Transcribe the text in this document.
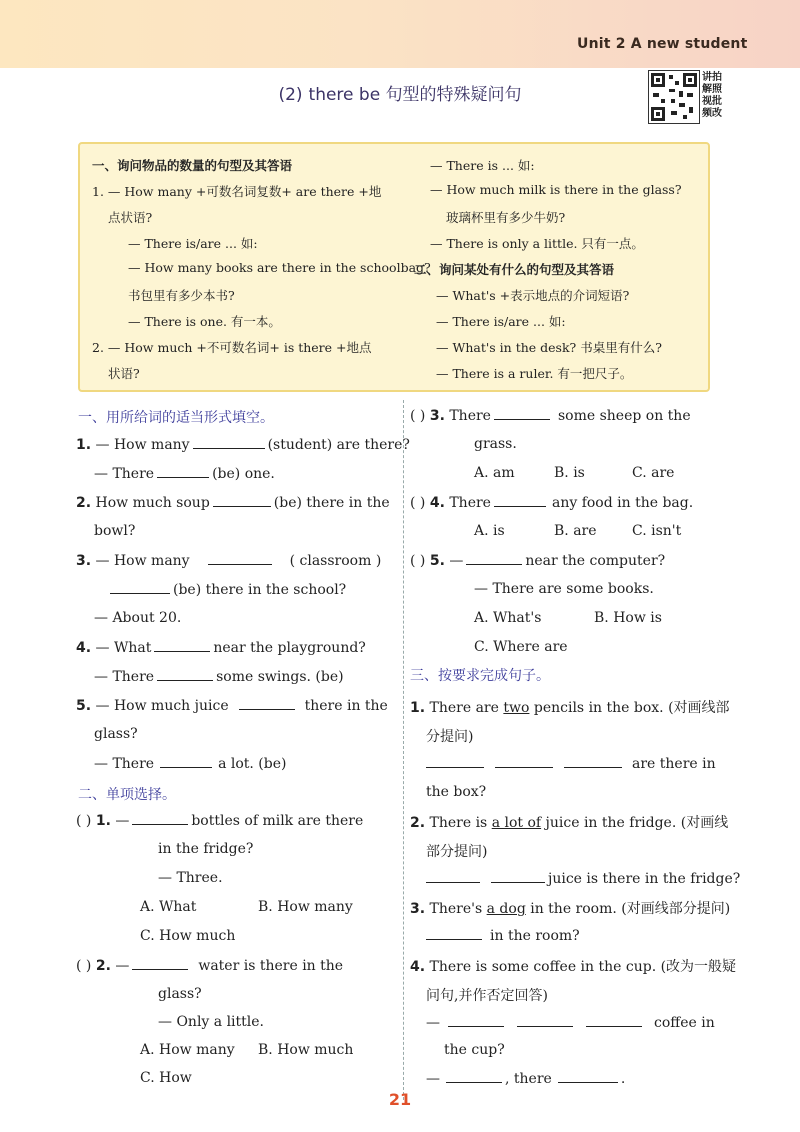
Unit 2 A new student
(2) there be 句型的特殊疑问句
讲拍解照视批频改
一、询问物品的数量的句型及其答语
1. — How many +可数名词复数+ are there +地
点状语?
— There is/are ... 如:
— How many books are there in the schoolbag?
书包里有多少本书?
— There is one. 有一本。
2. — How much +不可数名词+ is there +地点
状语?
— There is ... 如:
— How much milk is there in the glass?
玻璃杯里有多少牛奶?
— There is only a little. 只有一点。
二、询问某处有什么的句型及其答语
— What's +表示地点的介词短语?
— There is/are ... 如:
— What's in the desk? 书桌里有什么?
— There is a ruler. 有一把尺子。
一、用所给词的适当形式填空。
1. — How many	(student) are there?
— There	(be) one.
2. How much soup	(be) there in the
bowl?
3. — How many	( classroom )
(be) there in the school?
— About 20.
4. — What	near the playground?
— There	some swings. (be)
5. — How much juice	there in the
glass?
— There	a lot. (be)
二、单项选择。
( ) 1. —	bottles of milk are there
in the fridge?
— Three.
A. What	B. How many
C. How much
( ) 2. —	water is there in the
glass?
— Only a little.
A. How many B. How much
C. How
( ) 3. There	some sheep on the
grass.
A. am	B. is	C. are
( ) 4. There	any food in the bag.
A. is	B. are	C. isn't
( ) 5. —	near the computer?
— There are some books.
A. What's	B. How is
C. Where are
三、按要求完成句子。
1. There are two pencils in the box. (对画线部
分提问)
are there in
the box?
2. There is a lot of juice in the fridge. (对画线
部分提问)
juice is there in the fridge?
3. There's a dog in the room. (对画线部分提问)
in the room?
4. There is some coffee in the cup. (改为一般疑
问句,并作否定回答)
—	coffee in
the cup?
—	, there	.
21
